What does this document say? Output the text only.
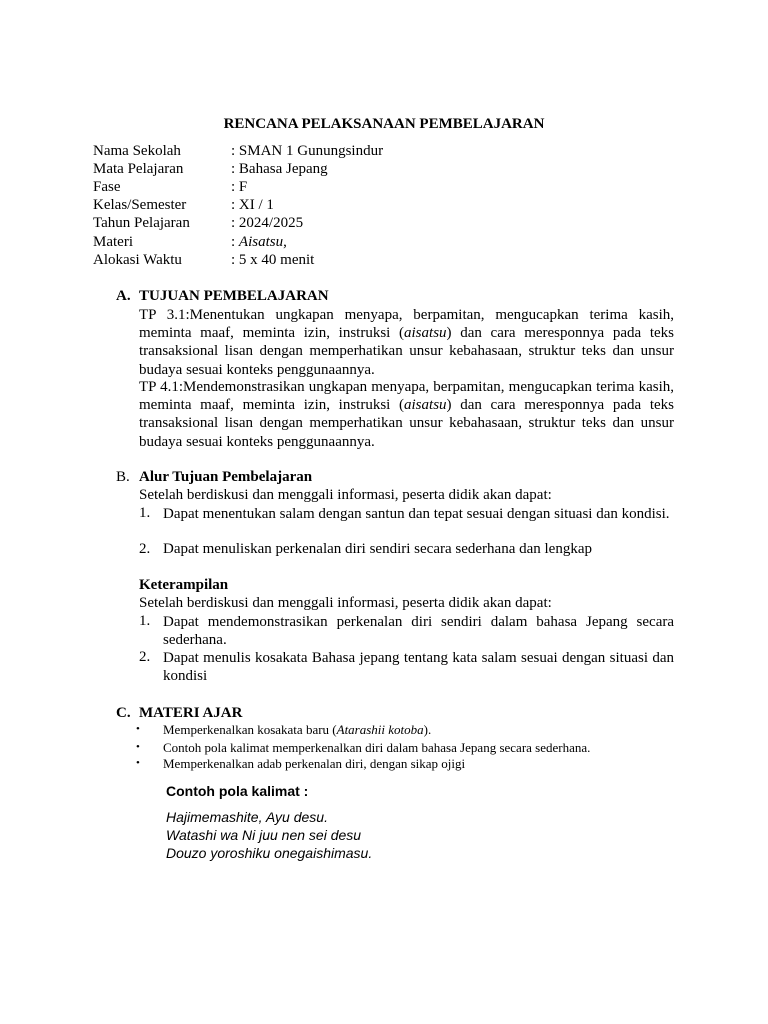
RENCANA PELAKSANAAN PEMBELAJARAN
Nama Sekolah	: SMAN 1 Gunungsindur
Mata Pelajaran	: Bahasa Jepang
Fase	: F
Kelas/Semester	: XI / 1
Tahun Pelajaran	: 2024/2025
Materi	: Aisatsu,
Alokasi Waktu	: 5 x 40 menit
A. TUJUAN PEMBELAJARAN
TP 3.1:Menentukan ungkapan menyapa, berpamitan, mengucapkan terima kasih, meminta maaf, meminta izin, instruksi (aisatsu) dan cara meresponnya pada teks transaksional lisan dengan memperhatikan unsur kebahasaan, struktur teks dan unsur budaya sesuai konteks penggunaannya.
TP 4.1:Mendemonstrasikan ungkapan menyapa, berpamitan, mengucapkan terima kasih, meminta maaf, meminta izin, instruksi (aisatsu) dan cara meresponnya pada teks transaksional lisan dengan memperhatikan unsur kebahasaan, struktur teks dan unsur budaya sesuai konteks penggunaannya.
B. Alur Tujuan Pembelajaran
Setelah berdiskusi dan menggali informasi, peserta didik akan dapat:
1. Dapat menentukan salam dengan santun dan tepat sesuai dengan situasi dan kondisi.
2. Dapat menuliskan perkenalan diri sendiri secara sederhana dan lengkap
Keterampilan
Setelah berdiskusi dan menggali informasi, peserta didik akan dapat:
1. Dapat mendemonstrasikan perkenalan diri sendiri dalam bahasa Jepang secara sederhana.
2. Dapat menulis kosakata Bahasa jepang tentang kata salam sesuai dengan situasi dan kondisi
C. MATERI AJAR
• Memperkenalkan kosakata baru (Atarashii kotoba).
• Contoh pola kalimat memperkenalkan diri dalam bahasa Jepang secara sederhana.
• Memperkenalkan adab perkenalan diri, dengan sikap ojigi
Contoh pola kalimat :
Hajimemashite, Ayu desu.
Watashi wa Ni juu nen sei desu
Douzo yoroshiku onegaishimasu.
